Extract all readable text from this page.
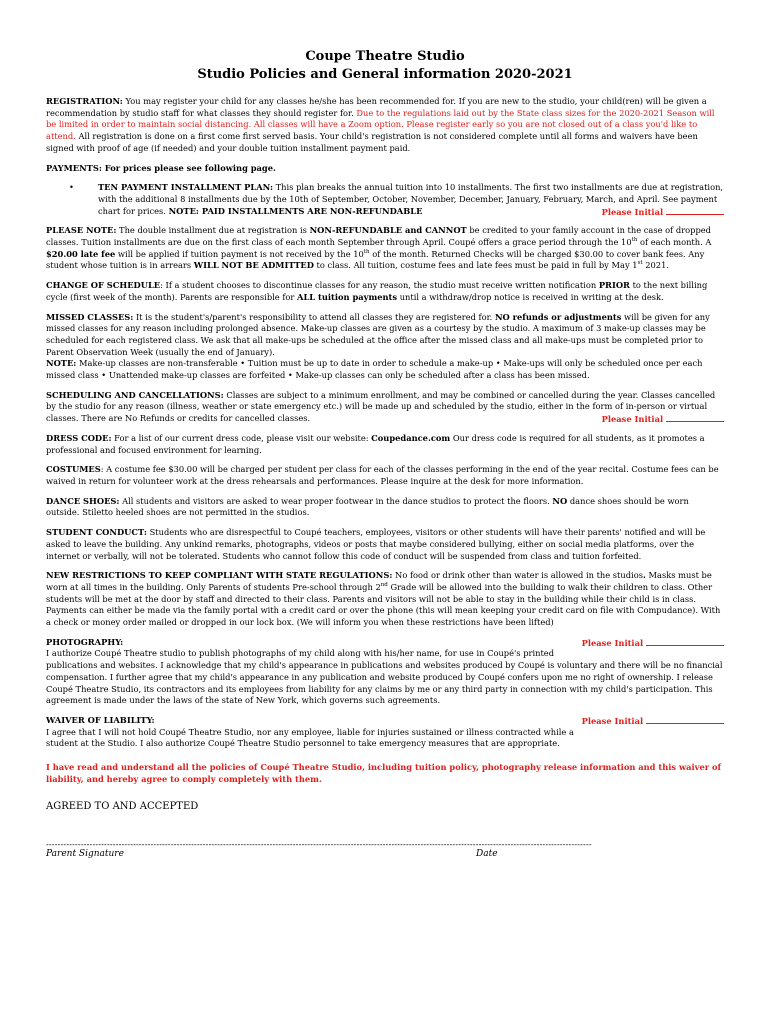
Coupe Theatre Studio
Studio Policies and General information 2020-2021

REGISTRATION: You may register your child for any classes he/she has been recommended for. If you are new to the studio, your child(ren) will be given a recommendation by studio staff for what classes they should register for. Due to the regulations laid out by the State class sizes for the 2020-2021 Season will be limited in order to maintain social distancing. All classes will have a Zoom option. Please register early so you are not closed out of a class you'd like to attend. All registration is done on a first come first served basis. Your child's registration is not considered complete until all forms and waivers have been signed with proof of age (if needed) and your double tuition installment payment paid.

PAYMENTS: For prices please see following page.

•	TEN PAYMENT INSTALLMENT PLAN: This plan breaks the annual tuition into 10 installments. The first two installments are due at registration, with the additional 8 installments due by the 10th of September, October, November, December, January, February, March, and April. See payment chart for prices. NOTE: PAID INSTALLMENTS ARE NON-REFUNDABLE	Please Initial

PLEASE NOTE: The double installment due at registration is NON-REFUNDABLE and CANNOT be credited to your family account in the case of dropped classes. Tuition installments are due on the first class of each month September through April. Coupé offers a grace period through the 10th of each month. A $20.00 late fee will be applied if tuition payment is not received by the 10th of the month. Returned Checks will be charged $30.00 to cover bank fees. Any student whose tuition is in arrears WILL NOT BE ADMITTED to class. All tuition, costume fees and late fees must be paid in full by May 1st 2021.

CHANGE OF SCHEDULE: If a student chooses to discontinue classes for any reason, the studio must receive written notification PRIOR to the next billing cycle (first week of the month). Parents are responsible for ALL tuition payments until a withdraw/drop notice is received in writing at the desk.

MISSED CLASSES: It is the student's/parent's responsibility to attend all classes they are registered for. NO refunds or adjustments will be given for any missed classes for any reason including prolonged absence. Make-up classes are given as a courtesy by the studio. A maximum of 3 make-up classes may be scheduled for each registered class. We ask that all make-ups be scheduled at the office after the missed class and all make-ups must be completed prior to Parent Observation Week (usually the end of January).
NOTE: Make-up classes are non-transferable • Tuition must be up to date in order to schedule a make-up • Make-ups will only be scheduled once per each missed class • Unattended make-up classes are forfeited • Make-up classes can only be scheduled after a class has been missed.

SCHEDULING AND CANCELLATIONS: Classes are subject to a minimum enrollment, and may be combined or cancelled during the year. Classes cancelled by the studio for any reason (illness, weather or state emergency etc.) will be made up and scheduled by the studio, either in the form of in-person or virtual classes. There are No Refunds or credits for cancelled classes.	Please Initial

DRESS CODE: For a list of our current dress code, please visit our website: Coupedance.com Our dress code is required for all students, as it promotes a professional and focused environment for learning.

COSTUMES: A costume fee $30.00 will be charged per student per class for each of the classes performing in the end of the year recital. Costume fees can be waived in return for volunteer work at the dress rehearsals and performances. Please inquire at the desk for more information.

DANCE SHOES: All students and visitors are asked to wear proper footwear in the dance studios to protect the floors. NO dance shoes should be worn outside. Stiletto heeled shoes are not permitted in the studios.

STUDENT CONDUCT: Students who are disrespectful to Coupé teachers, employees, visitors or other students will have their parents' notified and will be asked to leave the building. Any unkind remarks, photographs, videos or posts that maybe considered bullying, either on social media platforms, over the internet or verbally, will not be tolerated. Students who cannot follow this code of conduct will be suspended from class and tuition forfeited.

NEW RESTRICTIONS TO KEEP COMPLIANT WITH STATE REGULATIONS: No food or drink other than water is allowed in the studios. Masks must be worn at all times in the building. Only Parents of students Pre-school through 2nd Grade will be allowed into the building to walk their children to class. Other students will be met at the door by staff and directed to their class. Parents and visitors will not be able to stay in the building while their child is in class. Payments can either be made via the family portal with a credit card or over the phone (this will mean keeping your credit card on file with Compudance). With a check or money order mailed or dropped in our lock box. (We will inform you when these restrictions have been lifted)

PHOTOGRAPHY:	Please Initial

I authorize Coupé Theatre studio to publish photographs of my child along with his/her name, for use in Coupé's printed publications and websites. I acknowledge that my child's appearance in publications and websites produced by Coupé is voluntary and there will be no financial compensation. I further agree that my child's appearance in any publication and website produced by Coupé confers upon me no right of ownership. I release Coupé Theatre Studio, its contractors and its employees from liability for any claims by me or any third party in connection with my child's participation. This agreement is made under the laws of the state of New York, which governs such agreements.

WAIVER OF LIABILITY:	Please Initial

I agree that I will not hold Coupé Theatre Studio, nor any employee, liable for injuries sustained or illness contracted while a student at the Studio. I also authorize Coupé Theatre Studio personnel to take emergency measures that are appropriate.

I have read and understand all the policies of Coupé Theatre Studio, including tuition policy, photography release information and this waiver of liability, and hereby agree to comply completely with them.

AGREED TO AND ACCEPTED
--------------------------------------------------------------------------------------------------------------------------------------------------------------------------------------------
Parent Signature	Date
